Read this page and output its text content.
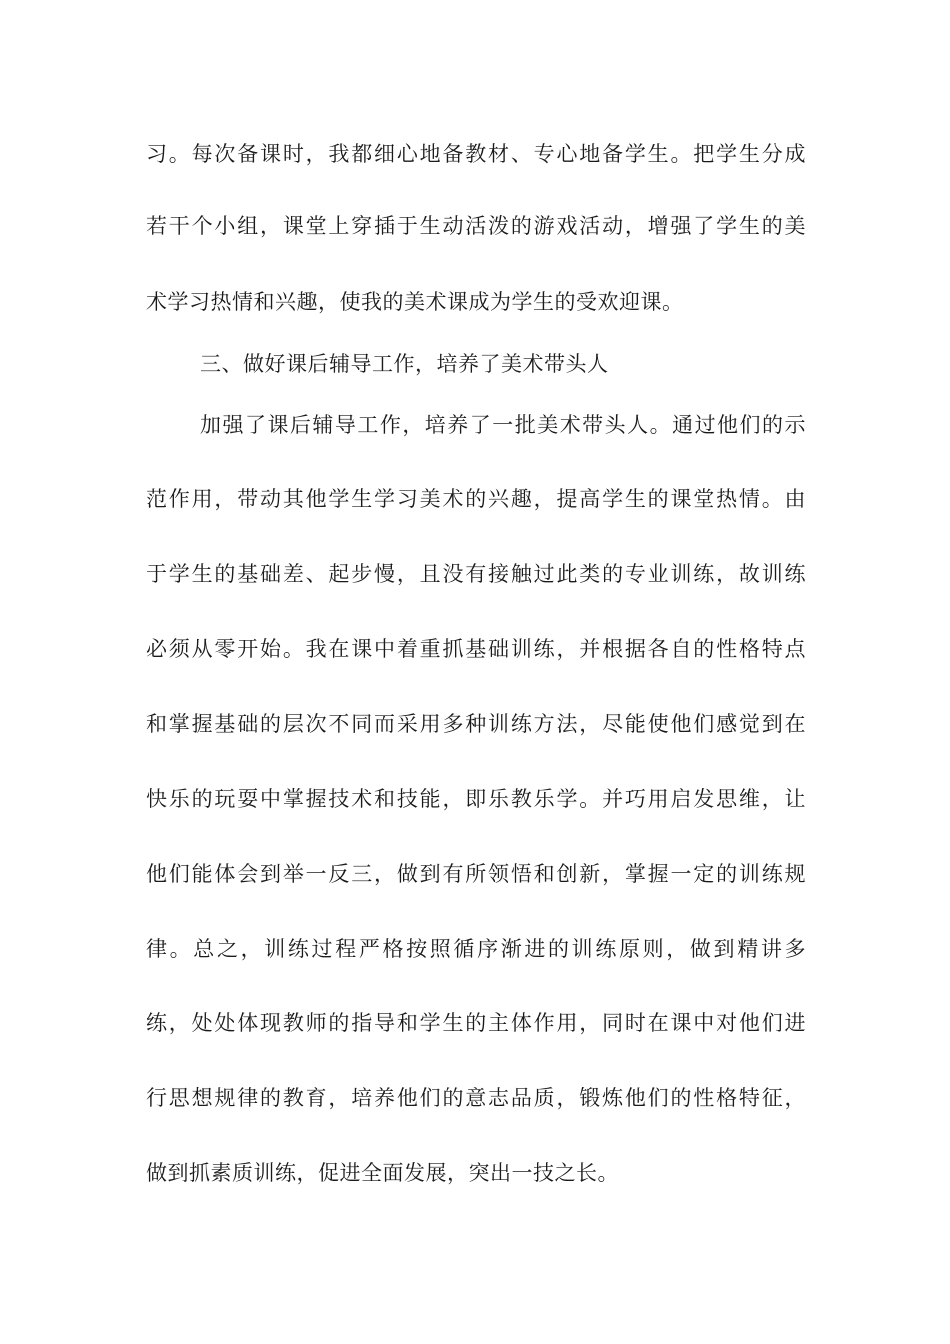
习。每次备课时，我都细心地备教材、专心地备学生。把学生分成
若干个小组，课堂上穿插于生动活泼的游戏活动，增强了学生的美
术学习热情和兴趣，使我的美术课成为学生的受欢迎课。
三、做好课后辅导工作，培养了美术带头人
加强了课后辅导工作，培养了一批美术带头人。通过他们的示
范作用，带动其他学生学习美术的兴趣，提高学生的课堂热情。由
于学生的基础差、起步慢，且没有接触过此类的专业训练，故训练
必须从零开始。我在课中着重抓基础训练，并根据各自的性格特点
和掌握基础的层次不同而采用多种训练方法，尽能使他们感觉到在
快乐的玩耍中掌握技术和技能，即乐教乐学。并巧用启发思维，让
他们能体会到举一反三，做到有所领悟和创新，掌握一定的训练规
律。总之，训练过程严格按照循序渐进的训练原则，做到精讲多
练，处处体现教师的指导和学生的主体作用，同时在课中对他们进
行思想规律的教育，培养他们的意志品质，锻炼他们的性格特征，
做到抓素质训练，促进全面发展，突出一技之长。
